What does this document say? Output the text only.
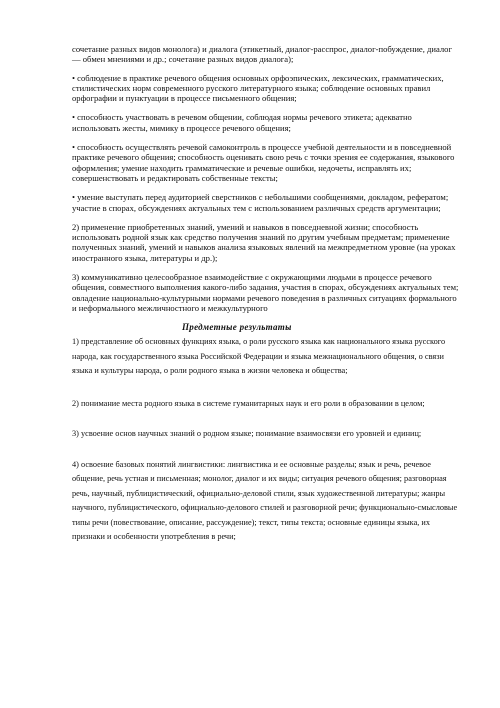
сочетание разных видов монолога) и диалога (этикетный, диалог-расспрос, диалог-побуждение, диалог — обмен мнениями и др.; сочетание разных видов диалога);

• соблюдение в практике речевого общения основных орфоэпических, лексических, грамматических, стилистических норм современного русского литературного языка; соблюдение основных правил орфографии и пунктуации в процессе письменного общения;

• способность участвовать в речевом общении, соблюдая нормы речевого этикета; адекватно использовать жесты, мимику в процессе речевого общения;

• способность осуществлять речевой самоконтроль в процессе учебной деятельности и в повседневной практике речевого общения; способность оценивать свою речь с точки зрения ее содержания, языкового оформления; умение находить грамматические и речевые ошибки, недочеты, исправлять их; совершенствовать и редактировать собственные тексты;

• умение выступать перед аудиторией сверстников с небольшими сообщениями, докладом, рефератом; участие в спорах, обсуждениях актуальных тем с использованием различных средств аргументации;

2) применение приобретенных знаний, умений и навыков в повседневной жизни; способность использовать родной язык как средство получения знаний по другим учебным предметам; применение полученных знаний, умений и навыков анализа языковых явлений на межпредметном уровне (на уроках иностранного языка, литературы и др.);

3) коммуникативно целесообразное взаимодействие с окружающими людьми в процессе речевого общения, совместного выполнения какого-либо задания, участия в спорах, обсуждениях актуальных тем; овладение национально-культурными нормами речевого поведения в различных ситуациях формального и неформального межличностного и межкультурного

Предметные результаты

1) представление об основных функциях языка, о роли русского языка как национального языка русского народа, как государственного языка Российской Федерации и языка межнационального общения, о связи языка и культуры народа, о роли родного языка в жизни человека и общества;

2) понимание места родного языка в системе гуманитарных наук и его роли в образовании в целом;

3) усвоение основ научных знаний о родном языке; понимание взаимосвязи его уровней и единиц;

4) освоение базовых понятий лингвистики: лингвистика и ее основные разделы; язык и речь, речевое общение, речь устная и письменная; монолог, диалог и их виды; ситуация речевого общения; разговорная речь, научный, публицистический, официально-деловой стили, язык художественной литературы; жанры научного, публицистического, официально-делового стилей и разговорной речи; функционально-смысловые типы речи (повествование, описание, рассуждение); текст, типы текста; основные единицы языка, их признаки и особенности употребления в речи;
